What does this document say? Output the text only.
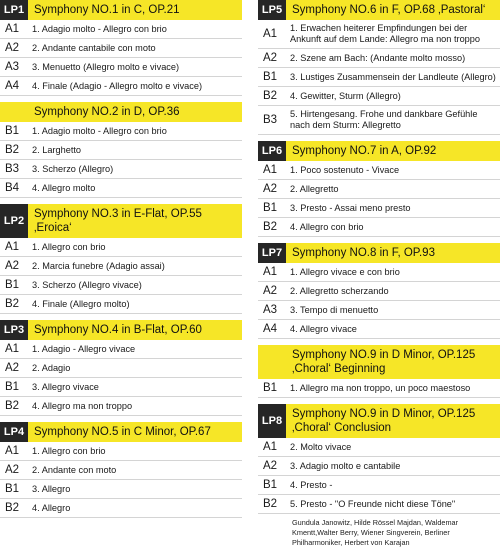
LP1 Symphony NO.1 in C, OP.21
A1	1. Adagio molto - Allegro con brio
A2	2. Andante cantabile con moto
A3	3. Menuetto (Allegro molto e vivace)
A4	4. Finale (Adagio - Allegro molto e vivace)
Symphony NO.2 in D, OP.36
B1	1. Adagio molto - Allegro con brio
B2	2. Larghetto
B3	3. Scherzo (Allegro)
B4	4. Allegro molto
LP2
Symphony NO.3 in E-Flat, OP.55 ‚Eroica‘
A1	1. Allegro con brio
A2	2. Marcia funebre (Adagio assai)
B1	3. Scherzo (Allegro vivace)
B2	4. Finale (Allegro molto)
LP3 Symphony NO.4 in B-Flat, OP.60
A1	1. Adagio - Allegro vivace
A2	2. Adagio
B1	3. Allegro vivace
B2	4. Allegro ma non troppo
LP4 Symphony NO.5 in C Minor, OP.67
A1	1. Allegro con brio
A2	2. Andante con moto
B1	3. Allegro
B2	4. Allegro
LP5 Symphony NO.6 in F, OP.68 ‚Pastoral‘
A1	1. Erwachen heiterer Empfindungen bei der Ankunft auf dem Lande: Allegro ma non troppo
A2	2. Szene am Bach: (Andante molto mosso)
B1	3. Lustiges Zusammensein der Landleute (Allegro)
B2	4. Gewitter, Sturm (Allegro)
B3	5. Hirtengesang. Frohe und dankbare Gefühle nach dem Sturm: Allegretto
LP6 Symphony NO.7 in A, OP.92
A1	1. Poco sostenuto - Vivace
A2	2. Allegretto
B1	3. Presto - Assai meno presto
B2	4. Allegro con brio
LP7 Symphony NO.8 in F, OP.93
A1	1. Allegro vivace e con brio
A2	2. Allegretto scherzando
A3	3. Tempo di menuetto
A4	4. Allegro vivace
Symphony NO.9 in D Minor, OP.125 ‚Choral‘ Beginning
B1	1. Allegro ma non troppo, un poco maestoso
LP8
Symphony NO.9 in D Minor, OP.125 ‚Choral‘ Conclusion
A1	2. Molto vivace
A2	3. Adagio molto e cantabile
B1	4. Presto -
B2	5. Presto - "O Freunde nicht diese Töne"
Gundula Janowitz, Hilde Rössel Majdan, Waldemar Kmentt,Walter Berry, Wiener Singverein, Berliner Philharmoniker, Herbert von Karajan
